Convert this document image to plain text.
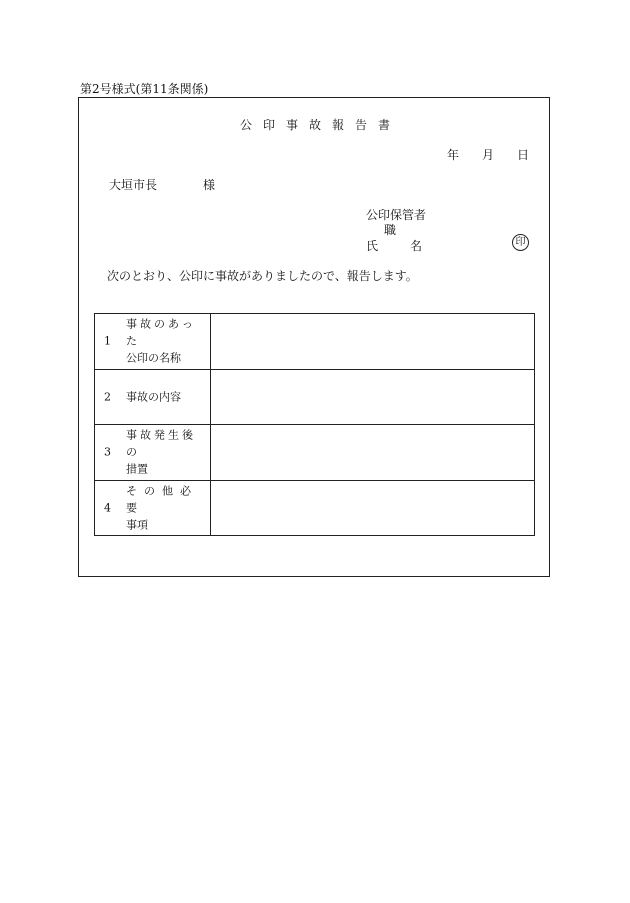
第2号様式(第11条関係)
公印事故報告書
年 月 日
大垣市長	様
公印保管者
職
氏	名	印
次のとおり、公印に事故がありましたので、報告します。
1
事故のあった
公印の名称	

2 事故の内容	

3
事故発生後の
措置	

4
その他必要
事項	
